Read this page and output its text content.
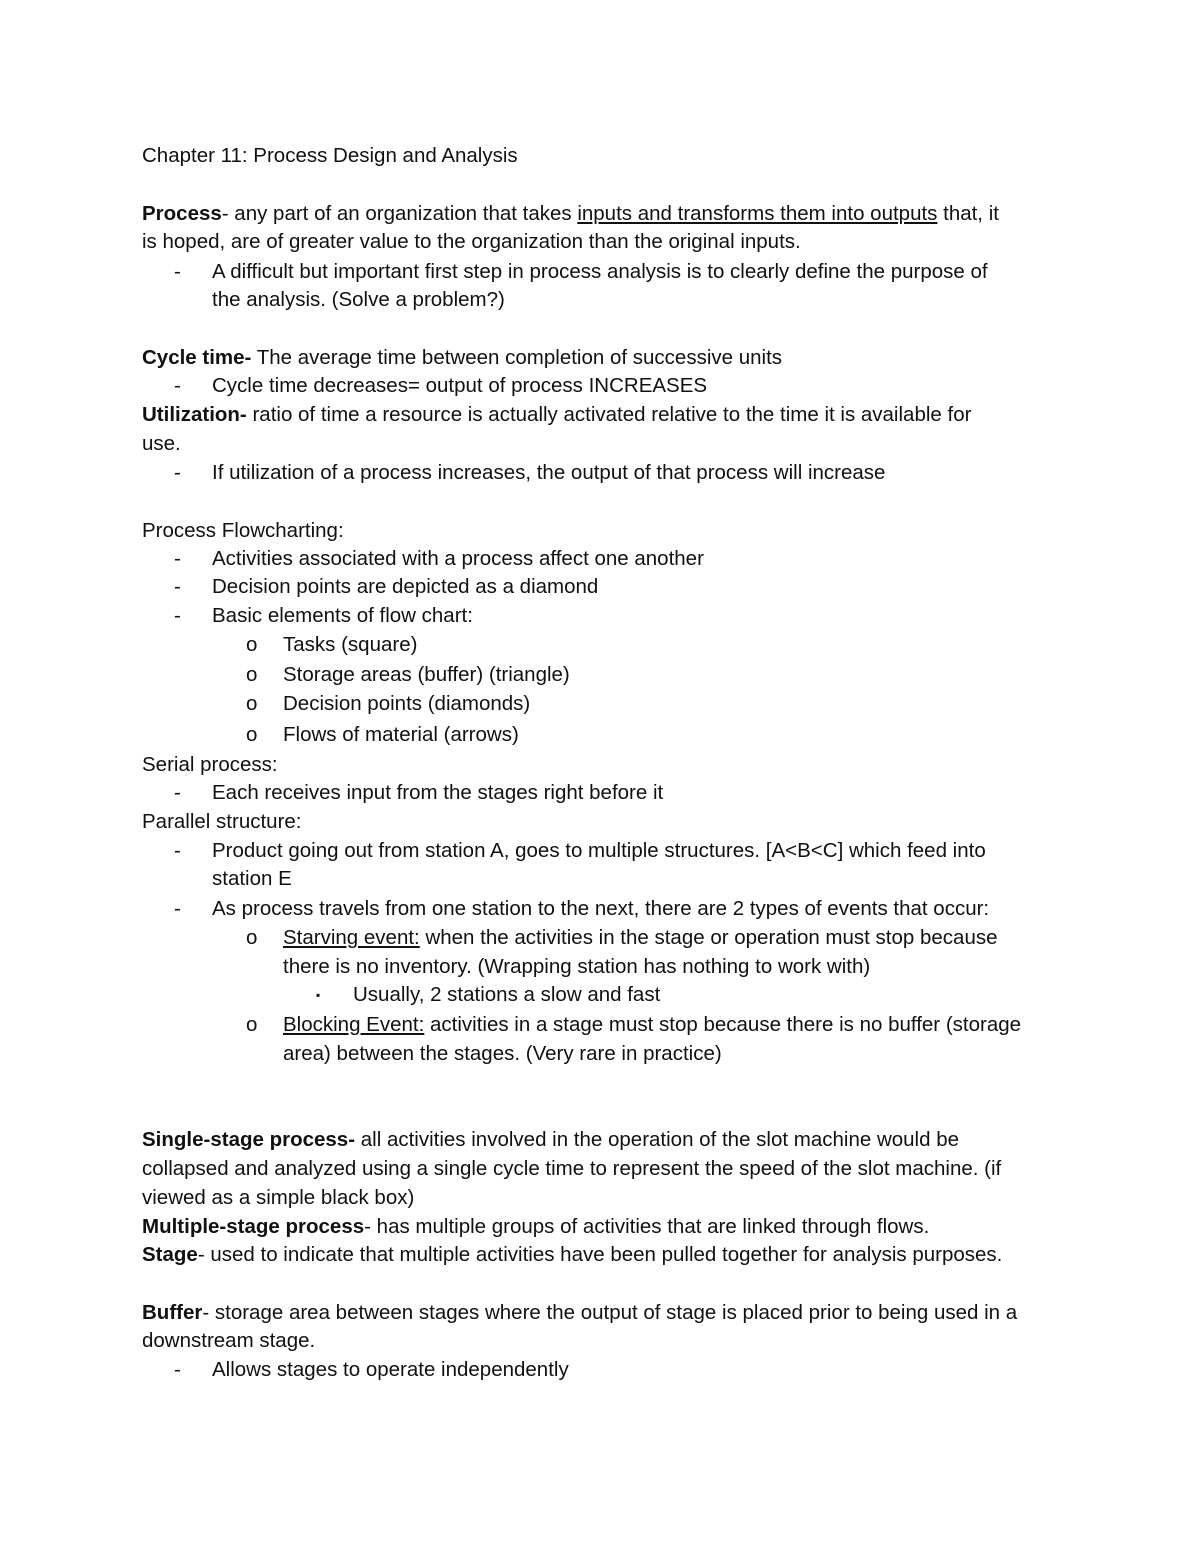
Chapter 11: Process Design and Analysis
Process- any part of an organization that takes inputs and transforms them into outputs that, it
is hoped, are of greater value to the organization than the original inputs.
- A difficult but important first step in process analysis is to clearly define the purpose of
the analysis. (Solve a problem?)
Cycle time- The average time between completion of successive units
- Cycle time decreases= output of process INCREASES
Utilization- ratio of time a resource is actually activated relative to the time it is available for
use.
- If utilization of a process increases, the output of that process will increase
Process Flowcharting:
- Activities associated with a process affect one another
- Decision points are depicted as a diamond
- Basic elements of flow chart:
o Tasks (square)
o Storage areas (buffer) (triangle)
o Decision points (diamonds)
o Flows of material (arrows)
Serial process:
- Each receives input from the stages right before it
Parallel structure:
- Product going out from station A, goes to multiple structures. [A<B<C] which feed into
station E
- As process travels from one station to the next, there are 2 types of events that occur:
o Starving event: when the activities in the stage or operation must stop because
there is no inventory. (Wrapping station has nothing to work with)
▪ Usually, 2 stations a slow and fast
o Blocking Event: activities in a stage must stop because there is no buffer (storage
area) between the stages. (Very rare in practice)
Single-stage process- all activities involved in the operation of the slot machine would be
collapsed and analyzed using a single cycle time to represent the speed of the slot machine. (if
viewed as a simple black box)
Multiple-stage process- has multiple groups of activities that are linked through flows.
Stage- used to indicate that multiple activities have been pulled together for analysis purposes.
Buffer- storage area between stages where the output of stage is placed prior to being used in a
downstream stage.
- Allows stages to operate independently
